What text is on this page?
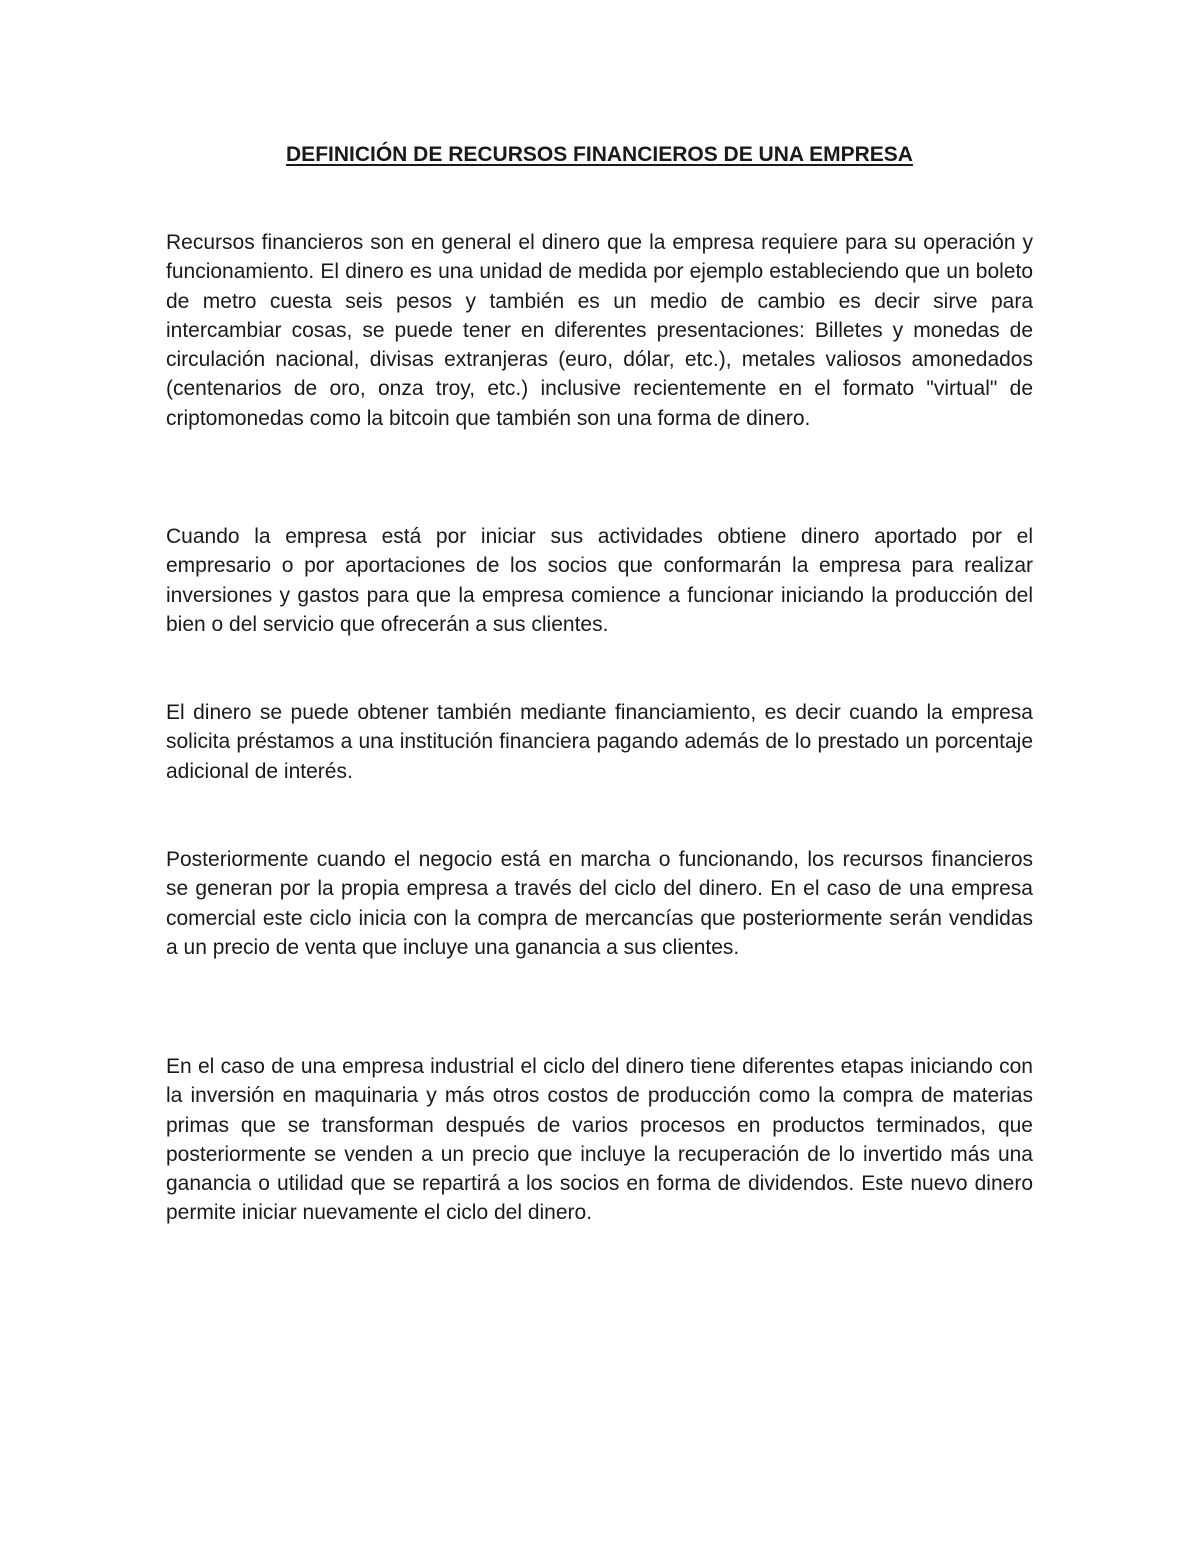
DEFINICIÓN DE RECURSOS FINANCIEROS DE UNA EMPRESA

Recursos financieros son en general el dinero que la empresa requiere para su operación y funcionamiento. El dinero es una unidad de medida por ejemplo estableciendo que un boleto de metro cuesta seis pesos y también es un medio de cambio es decir sirve para intercambiar cosas, se puede tener en diferentes presentaciones: Billetes y monedas de circulación nacional, divisas extranjeras (euro, dólar, etc.), metales valiosos amonedados (centenarios de oro, onza troy, etc.) inclusive recientemente en el formato "virtual" de criptomonedas como la bitcoin que también son una forma de dinero.

Cuando la empresa está por iniciar sus actividades obtiene dinero aportado por el empresario o por aportaciones de los socios que conformarán la empresa para realizar inversiones y gastos para que la empresa comience a funcionar iniciando la producción del bien o del servicio que ofrecerán a sus clientes.

El dinero se puede obtener también mediante financiamiento, es decir cuando la empresa solicita préstamos a una institución financiera pagando además de lo prestado un porcentaje adicional de interés.

Posteriormente cuando el negocio está en marcha o funcionando, los recursos financieros se generan por la propia empresa a través del ciclo del dinero. En el caso de una empresa comercial este ciclo inicia con la compra de mercancías que posteriormente serán vendidas a un precio de venta que incluye una ganancia a sus clientes.

En el caso de una empresa industrial el ciclo del dinero tiene diferentes etapas iniciando con la inversión en maquinaria y más otros costos de producción como la compra de materias primas que se transforman después de varios procesos en productos terminados, que posteriormente se venden a un precio que incluye la recuperación de lo invertido más una ganancia o utilidad que se repartirá a los socios en forma de dividendos. Este nuevo dinero permite iniciar nuevamente el ciclo del dinero.
